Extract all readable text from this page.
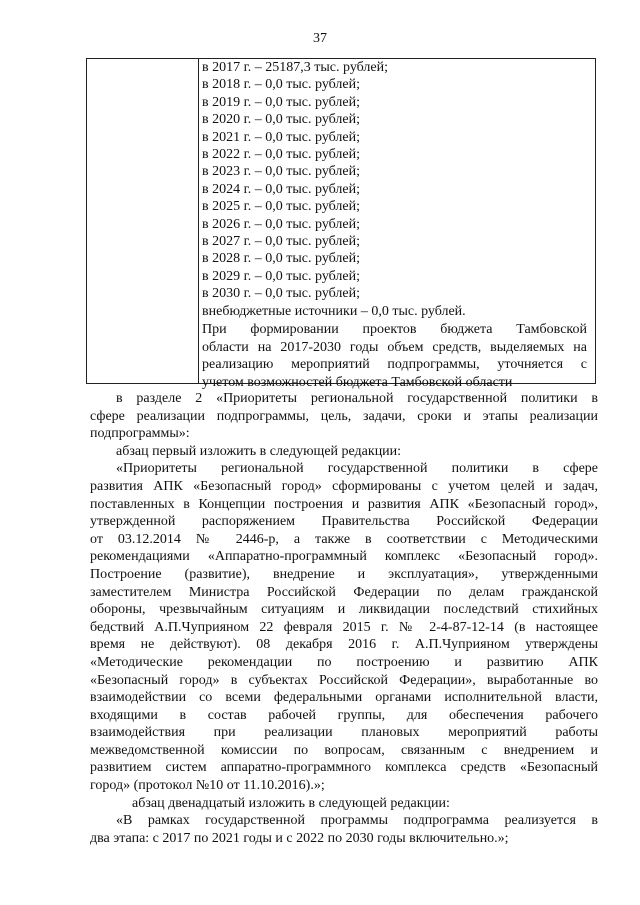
37
в 2017 г. – 25187,3 тыс. рублей;
в 2018 г. – 0,0 тыс. рублей;
в 2019 г. – 0,0 тыс. рублей;
в 2020 г. – 0,0 тыс. рублей;
в 2021 г. – 0,0 тыс. рублей;
в 2022 г. – 0,0 тыс. рублей;
в 2023 г. – 0,0 тыс. рублей;
в 2024 г. – 0,0 тыс. рублей;
в 2025 г. – 0,0 тыс. рублей;
в 2026 г. – 0,0 тыс. рублей;
в 2027 г. – 0,0 тыс. рублей;
в 2028 г. – 0,0 тыс. рублей;
в 2029 г. – 0,0 тыс. рублей;
в 2030 г. – 0,0 тыс. рублей;
внебюджетные источники – 0,0 тыс. рублей.
При формировании проектов бюджета Тамбовской
области на 2017-2030 годы объем средств, выделяемых на
реализацию мероприятий подпрограммы, уточняется с
учетом возможностей бюджета Тамбовской области
в разделе 2 «Приоритеты региональной государственной политики в
сфере реализации подпрограммы, цель, задачи, сроки и этапы реализации
подпрограммы»:
абзац первый изложить в следующей редакции:
«Приоритеты региональной государственной политики в сфере
развития АПК «Безопасный город» сформированы с учетом целей и задач,
поставленных в Концепции построения и развития АПК «Безопасный город»,
утвержденной распоряжением Правительства Российской Федерации
от 03.12.2014 № 2446-р, а также в соответствии с Методическими
рекомендациями «Аппаратно-программный комплекс «Безопасный город».
Построение (развитие), внедрение и эксплуатация», утвержденными
заместителем Министра Российской Федерации по делам гражданской
обороны, чрезвычайным ситуациям и ликвидации последствий стихийных
бедствий А.П.Чуприяном 22 февраля 2015 г. № 2-4-87-12-14 (в настоящее
время не действуют). 08 декабря 2016 г. А.П.Чуприяном утверждены
«Методические рекомендации по построению и развитию АПК
«Безопасный город» в субъектах Российской Федерации», выработанные во
взаимодействии со всеми федеральными органами исполнительной власти,
входящими в состав рабочей группы, для обеспечения рабочего
взаимодействия при реализации плановых мероприятий работы
межведомственной комиссии по вопросам, связанным с внедрением и
развитием систем аппаратно-программного комплекса средств «Безопасный
город» (протокол №10 от 11.10.2016).»;
абзац двенадцатый изложить в следующей редакции:
«В рамках государственной программы подпрограмма реализуется в
два этапа: с 2017 по 2021 годы и с 2022 по 2030 годы включительно.»;
